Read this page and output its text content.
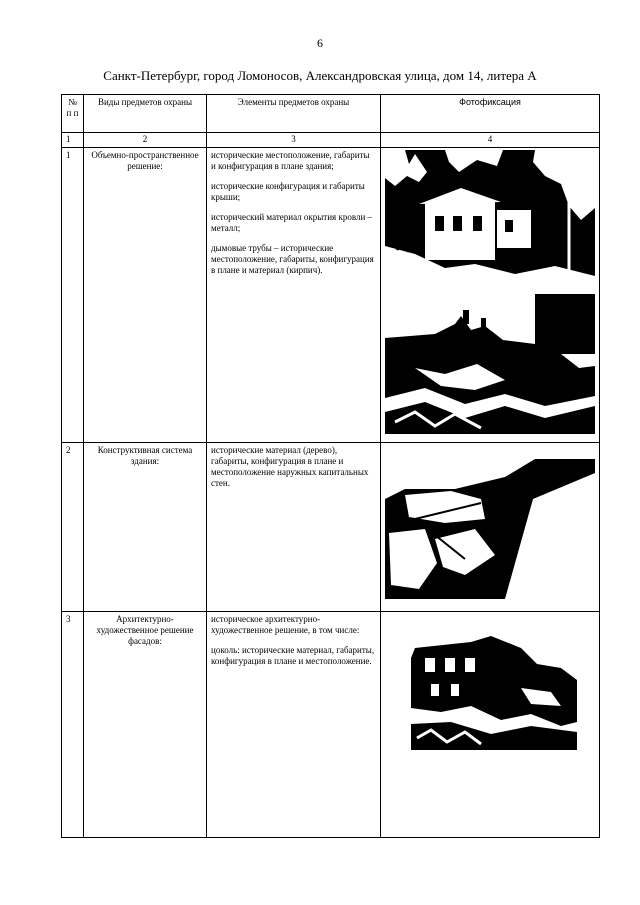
6
Санкт-Петербург, город Ломоносов, Александровская улица, дом 14, литера А
№ п п	Виды предметов охраны	Элементы предметов охраны	Фотофиксация
1	2	3	4
1	Объемно-пространственное решение:	исторические местоположение, габариты и конфигурация в плане здания;

исторические конфигурация и габариты крыши;

исторический материал окрытия кровли – металл;

дымовые трубы – исторические местоположение, габариты, конфигурация в плане и материал (кирпич).

2	Конструктивная система здания:	исторические материал (дерево), габариты, конфигурация в плане и местоположение наружных капитальных стен.

3	Архитектурно-художественное решение фасадов:	историческое архитектурно-художественное решение, в том числе:

цоколь: исторические материал, габариты, конфигурация в плане и местоположение.
